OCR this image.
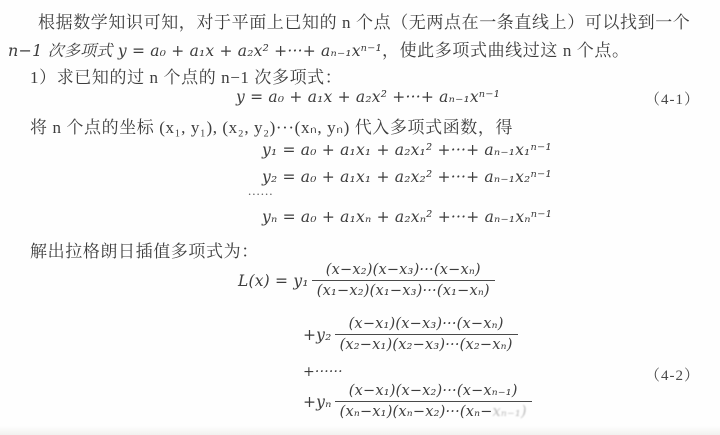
根据数学知识可知，对于平面上已知的 n 个点（无两点在一条直线上）可以找到一个
n−1 次多项式 y = a₀ + a₁x + a₂x² +···+ aₙ₋₁xⁿ⁻¹，使此多项式曲线过这 n 个点。
1）求已知的过 n 个点的 n−1 次多项式：
y = a₀ + a₁x + a₂x² +···+ aₙ₋₁xⁿ⁻¹	（4-1）
将 n 个点的坐标 (x₁, y₁), (x₂, y₂)···(xₙ, yₙ) 代入多项式函数，得
y₁ = a₀ + a₁x₁ + a₂x₁² +···+ aₙ₋₁x₁ⁿ⁻¹
y₂ = a₀ + a₁x₁ + a₂x₂² +···+ aₙ₋₁x₂ⁿ⁻¹
......
yₙ = a₀ + a₁xₙ + a₂xₙ² +···+ aₙ₋₁xₙⁿ⁻¹
解出拉格朗日插值多项式为：
$L(x) = y_1 \frac{\text{(x−x₂)(x−x₃)···(x−xₙ)}}{\text{(x₁−x₂)(x₁−x₃)···(x₁−xₙ)}}$
$+y_2 \frac{\text{(x−x₁)(x−x₃)···(x−xₙ)}}{\text{(x₂−x₁)(x₂−x₃)···(x₂−xₙ)}}$
+······	（4-2）
$+y_n \frac{\text{(x−x₁)(x−x₂)···(x−xₙ₋₁)}}{\text{(xₙ−x₁)(xₙ−x₂)···(xₙ−xₙ₋₁)}}$
